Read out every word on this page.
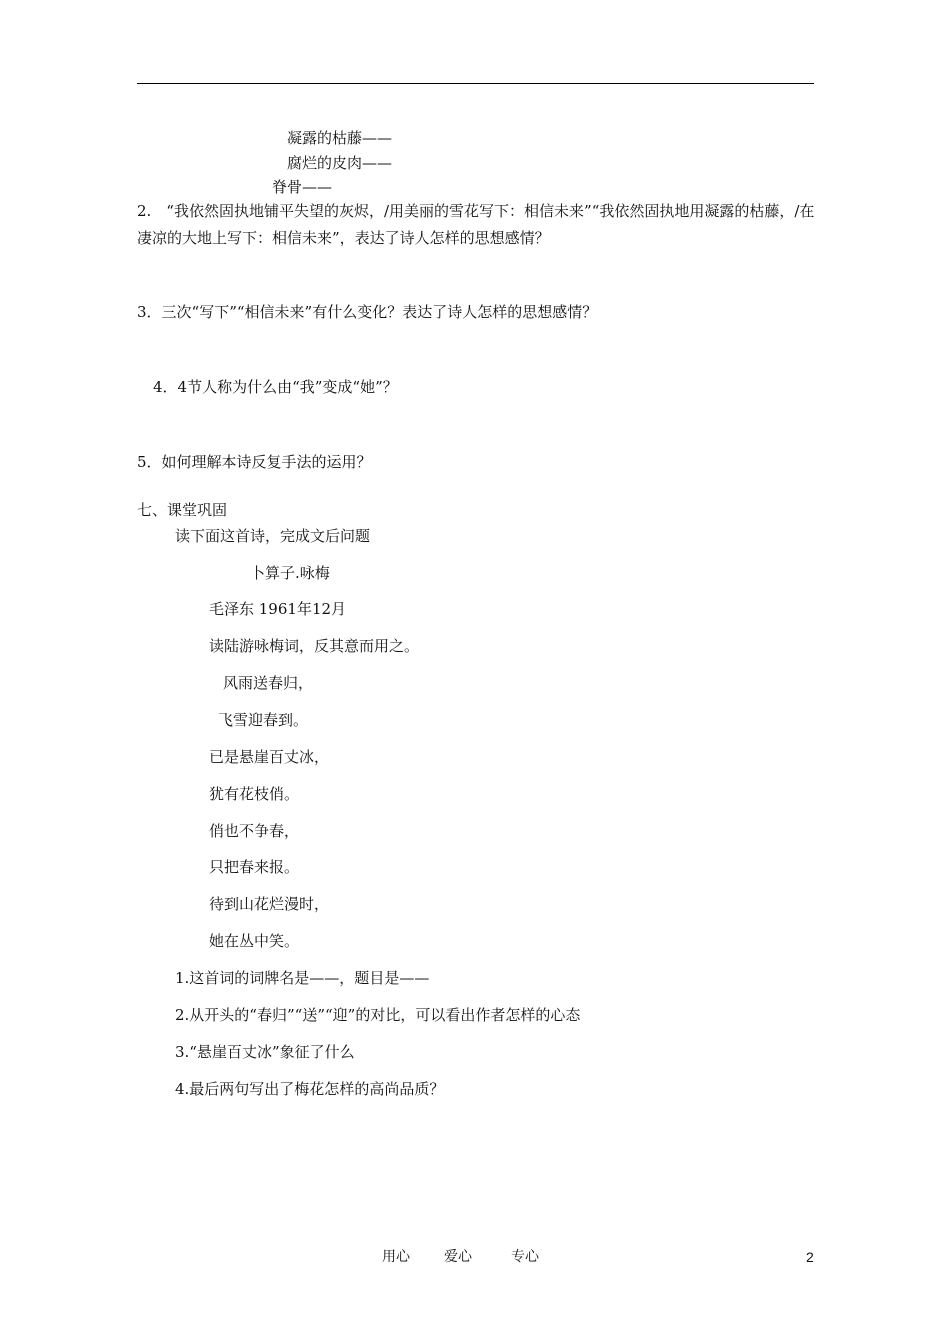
凝露的枯藤——
腐烂的皮肉——
脊骨——
2.　“我依然固执地铺平失望的灰烬，/用美丽的雪花写下：相信未来”“我依然固执地用凝露的枯藤，/在凄凉的大地上写下：相信未来”，表达了诗人怎样的思想感情？
3．三次“写下”“相信未来”有什么变化？表达了诗人怎样的思想感情？
4．4节人称为什么由“我”变成“她”？
5．如何理解本诗反复手法的运用？
七、课堂巩固
读下面这首诗，完成文后问题
卜算子.咏梅
毛泽东 1961年12月
读陆游咏梅词，反其意而用之。
风雨送春归，
飞雪迎春到。
已是悬崖百丈冰，
犹有花枝俏。
俏也不争春，
只把春来报。
待到山花烂漫时，
她在丛中笑。
1.这首词的词牌名是——，题目是——
2.从开头的“春归”“送”“迎”的对比，可以看出作者怎样的心态
3.“悬崖百丈冰”象征了什么
4.最后两句写出了梅花怎样的高尚品质？
用心 爱心	专心	2
